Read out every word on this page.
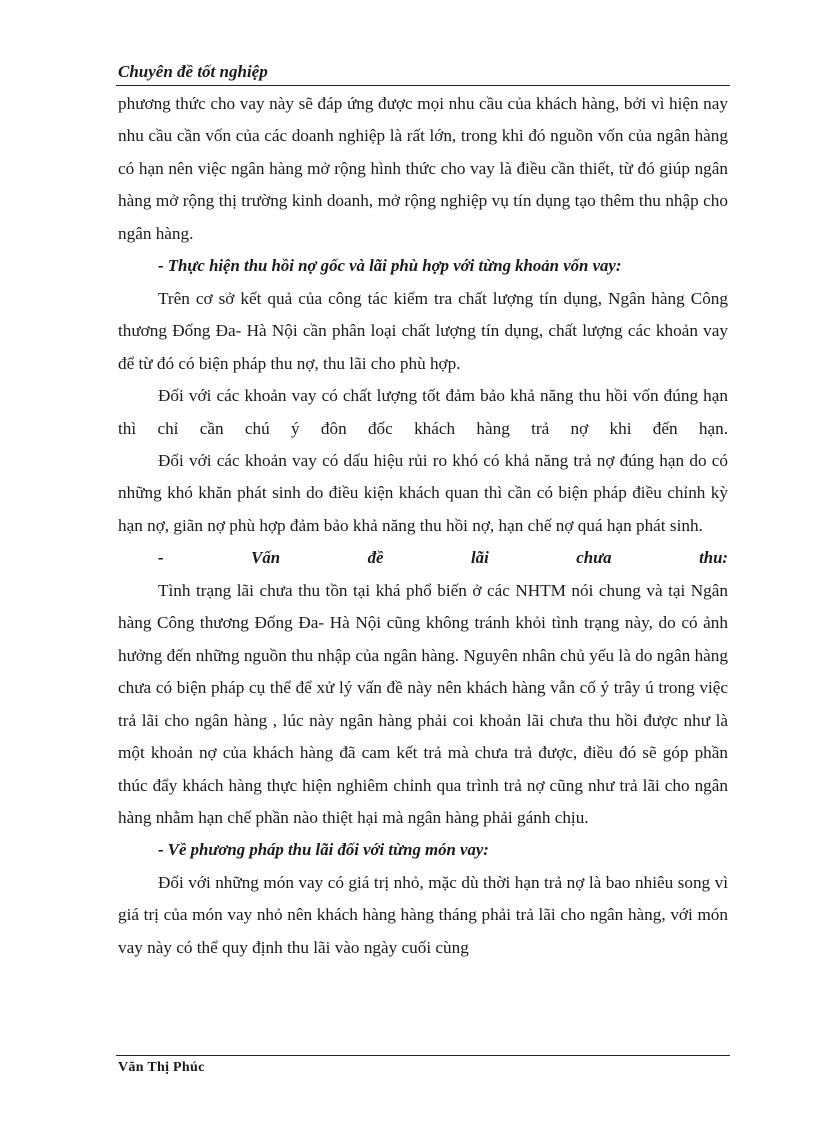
Chuyên đề tốt nghiệp

phương thức cho vay này sẽ đáp ứng được mọi nhu cầu của khách hàng, bởi vì hiện nay nhu cầu cần vốn của các doanh nghiệp là rất lớn, trong khi đó nguồn vốn của ngân hàng có hạn nên việc ngân hàng mở rộng hình thức cho vay là điều cần thiết, từ đó giúp ngân hàng mở rộng thị trường kinh doanh, mở rộng nghiệp vụ tín dụng tạo thêm thu nhập cho ngân hàng.

- Thực hiện thu hồi nợ gốc và lãi phù hợp với từng khoản vốn vay:

Trên cơ sở kết quả của công tác kiểm tra chất lượng tín dụng, Ngân hàng Công thương Đống Đa- Hà Nội cần phân loại chất lượng tín dụng, chất lượng các khoản vay để từ đó có biện pháp thu nợ, thu lãi cho phù hợp.

Đối với các khoản vay có chất lượng tốt đảm bảo khả năng thu hồi vốn đúng hạn thì chỉ cần chú ý đôn đốc khách hàng trả nợ khi đến hạn.

Đối với các khoản vay có dấu hiệu rủi ro khó có khả năng trả nợ đúng hạn do có những khó khăn phát sinh do điều kiện khách quan thì cần có biện pháp điều chỉnh kỳ hạn nợ, giãn nợ phù hợp đảm bảo khả năng thu hồi nợ, hạn chế nợ quá hạn phát sinh.

- Vấn đề lãi chưa thu:

Tình trạng lãi chưa thu tồn tại khá phổ biến ở các NHTM nói chung và tại Ngân hàng Công thương Đống Đa- Hà Nội cũng không tránh khỏi tình trạng này, do có ảnh hưởng đến những nguồn thu nhập của ngân hàng. Nguyên nhân chủ yếu là do ngân hàng chưa có biện pháp cụ thể để xử lý vấn đề này nên khách hàng vẫn cố ý trây ú trong việc trả lãi cho ngân hàng , lúc này ngân hàng phải coi khoản lãi chưa thu hồi được như là một khoản nợ của khách hàng đã cam kết trả mà chưa trả được, điều đó sẽ góp phần thúc đẩy khách hàng thực hiện nghiêm chỉnh qua trình trả nợ cũng như trả lãi cho ngân hàng nhằm hạn chế phần nào thiệt hại mà ngân hàng phải gánh chịu.

- Về phương pháp thu lãi đối với từng món vay:

Đối với những món vay có giá trị nhỏ, mặc dù thời hạn trả nợ là bao nhiêu song vì giá trị của món vay nhỏ nên khách hàng hàng tháng phải trả lãi cho ngân hàng, với món vay này có thể quy định thu lãi vào ngày cuối cùng

Văn Thị Phúc
